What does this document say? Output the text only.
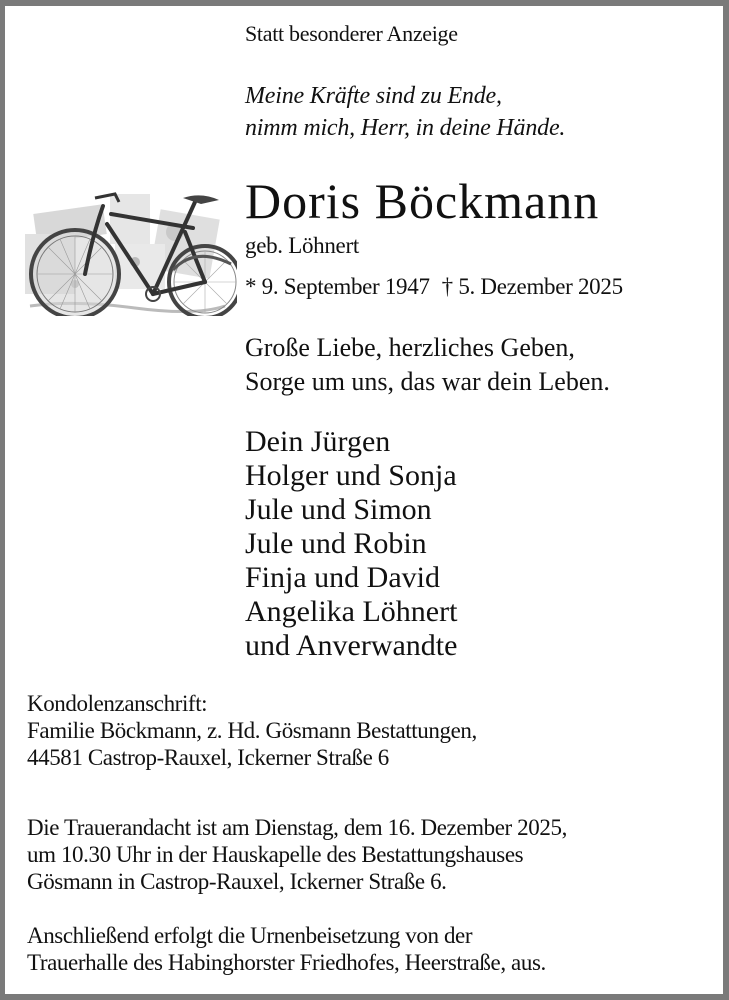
Statt besonderer Anzeige
Meine Kräfte sind zu Ende,
nimm mich, Herr, in deine Hände.
Doris Böckmann
geb. Löhnert
* 9. September 1947 † 5. Dezember 2025
Große Liebe, herzliches Geben,
Sorge um uns, das war dein Leben.
Dein Jürgen
Holger und Sonja
Jule und Simon
Jule und Robin
Finja und David
Angelika Löhnert
und Anverwandte
Kondolenzanschrift:
Familie Böckmann, z. Hd. Gösmann Bestattungen,
44581 Castrop-Rauxel, Ickerner Straße 6
Die Trauerandacht ist am Dienstag, dem 16. Dezember 2025,
um 10.30 Uhr in der Hauskapelle des Bestattungshauses
Gösmann in Castrop-Rauxel, Ickerner Straße 6.
Anschließend erfolgt die Urnenbeisetzung von der
Trauerhalle des Habinghorster Friedhofes, Heerstraße, aus.
